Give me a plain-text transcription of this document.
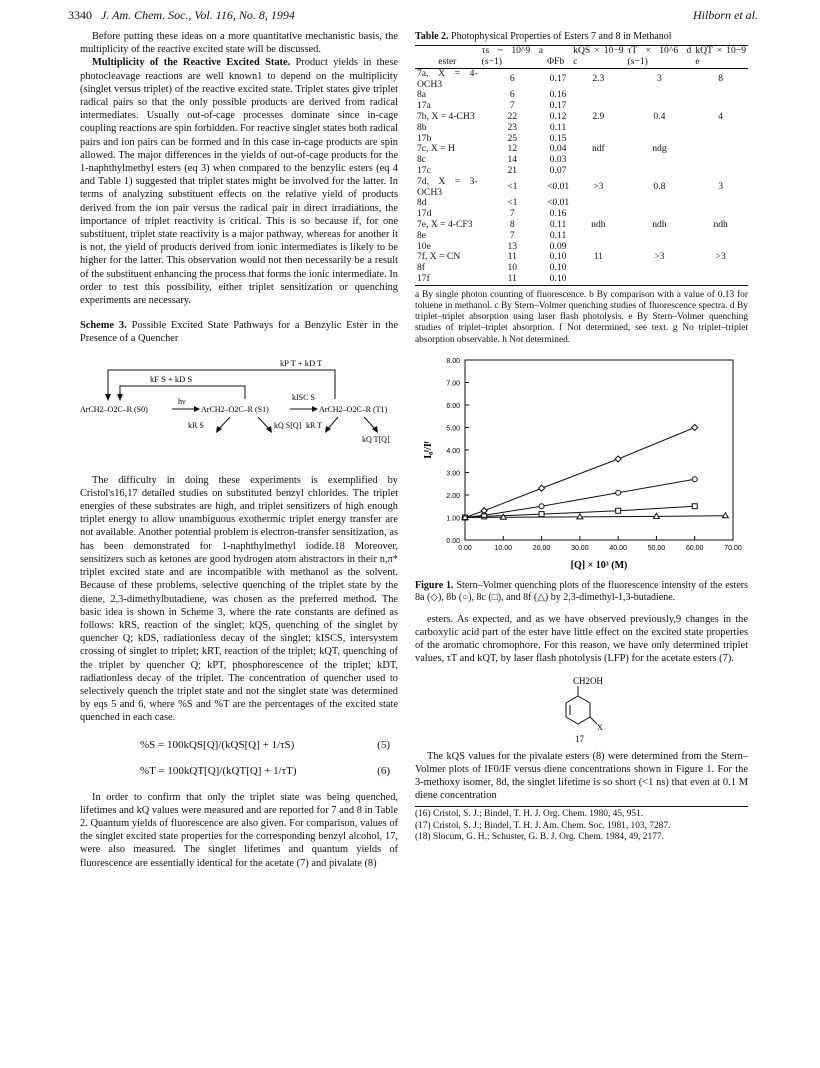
3340 J. Am. Chem. Soc., Vol. 116, No. 8, 1994	Hilborn et al.

Before putting these ideas on a more quantitative mechanistic basis, the multiplicity of the reactive excited state will be discussed.

Multiplicity of the Reactive Excited State. Product yields in these photocleavage reactions are well known1 to depend on the multiplicity (singlet versus triplet) of the reactive excited state. Triplet states give triplet radical pairs so that the only possible products are derived from radical intermediates. Usually out-of-cage processes dominate since in-cage coupling reactions are spin forbidden. For reactive singlet states both radical pairs and ion pairs can be formed and in this case in-cage products are spin allowed. The major differences in the yields of out-of-cage products for the 1-naphthylmethyl esters (eq 3) when compared to the benzylic esters (eq 4 and Table 1) suggested that triplet states might be involved for the latter. In terms of analyzing substituent effects on the relative yield of products derived from the ion pair versus the radical pair in direct irradiations, the importance of triplet reactivity is critical. This is so because if, for one substituent, triplet state reactivity is a major pathway, whereas for another it is not, the yield of products derived from ionic intermediates is likely to be higher for the latter. This observation would not then necessarily be a result of the substituent enhancing the process that forms the ionic intermediate. In order to test this possibility, either triplet sensitization or quenching experiments are necessary.

Scheme 3. Possible Excited State Pathways for a Benzylic Ester in the Presence of a Quencher

kP T + kD T
kF S + kD S
ArCH2–O2C–R (S0)
hν
ArCH2–O2C–R (S1)
kISC S
ArCH2–O2C–R (T1)
kR S	kQ S[Q] kR T
kQ T[Q]

The difficulty in doing these experiments is exemplified by Cristol's16,17 detailed studies on substituted benzyl chlorides. The triplet energies of these substrates are high, and triplet sensitizers of high enough triplet energy to allow unambiguous exothermic triplet energy transfer are not available. Another potential problem is electron-transfer sensitization, as has been demonstrated for 1-naphthylmethyl iodide.18 Moreover, sensitizers such as ketones are good hydrogen atom abstractors in their n,π* triplet excited state and are incompatible with methanol as the solvent. Because of these problems, selective quenching of the triplet state by the diene, 2,3-dimethylbutadiene, was chosen as the preferred method. The basic idea is shown in Scheme 3, where the rate constants are defined as follows: kRS, reaction of the singlet; kQS, quenching of the singlet by quencher Q; kDS, radiationless decay of the singlet; kISCS, intersystem crossing of singlet to triplet; kRT, reaction of the triplet; kQT, quenching of the triplet by quencher Q; kPT, phosphorescence of the triplet; kDT, radiationless decay of the triplet. The concentration of quencher used to selectively quench the triplet state and not the singlet state was determined by eqs 5 and 6, where %S and %T are the percentages of the excited state quenched in each case.

%S = 100kQS[Q]/(kQS[Q] + 1/τS)	(5)
%T = 100kQT[Q]/(kQT[Q] + 1/τT)	(6)

In order to confirm that only the triplet state was being quenched, lifetimes and kQ values were measured and are reported for 7 and 8 in Table 2. Quantum yields of fluorescence are also given. For comparison, values of the singlet excited state properties for the corresponding benzyl alcohol, 17, were also measured. The singlet lifetimes and quantum yields of fluorescence are essentially identical for the acetate (7) and pivalate (8)

Table 2. Photophysical Properties of Esters 7 and 8 in Methanol
ester	τs ~ 10^9 a (s−1)	ΦFb	kQS × 10−9 c	τT × 10^6 d (s−1)	kQT × 10−9 e
7a, X = 4-OCH3	6	0.17	2.3	3	8
8a	6	0.16			
17a	7	0.17			
7b, X = 4-CH3	22	0.12	2.9	0.4	4
8b	23	0.11			
17b	25	0.15			
7c, X = H	12	0.04	ndf	ndg	
8c	14	0.03			
17c	21	0.07			
7d, X = 3-OCH3	<1	<0.01	>3	0.8	3
8d	<1	<0.01			
17d	7	0.16			
7e, X = 4-CF3	8	0.11	ndh	ndh	ndh
8e	7	0.11			
10e	13	0.09			
7f, X = CN	11	0.10	11	>3	>3
8f	10	0.10			
17f	11	0.10			
a By single photon counting of fluorescence. b By comparison with a value of 0.13 for toluene in methanol. c By Stern–Volmer quenching studies of fluorescence spectra. d By triplet–triplet absorption using laser flash photolysis. e By Stern–Volmer quenching studies of triplet–triplet absorption. f Not determined, see text. g No triplet–triplet absorption observable. h Not determined.
0.00
1.00
2.00
3.00
4.00
5.00
6.00
7.00
8.00
0.00	10.00	20.00	30.00	40.00	50.00	60.00	70.00
[Q] × 10³ (M)
I₀ᶠ/Iᶠ
Figure 1. Stern–Volmer quenching plots of the fluorescence intensity of the esters 8a (◇), 8b (○), 8c (□), and 8f (△) by 2,3-dimethyl-1,3-butadiene.

esters. As expected, and as we have observed previously,9 changes in the carboxylic acid part of the ester have little effect on the excited state properties of the aromatic chromophore. For this reason, we have only determined triplet values, τT and kQT, by laser flash photolysis (LFP) for the acetate esters (7).

CH2OH
X
17

The kQS values for the pivalate esters (8) were determined from the Stern–Volmer plots of IF0/IF versus diene concentrations shown in Figure 1. For the 3-methoxy isomer, 8d, the singlet lifetime is so short (<1 ns) that even at 0.1 M diene concentration

(16) Cristol, S. J.; Bindel, T. H. J. Org. Chem. 1980, 45, 951.
(17) Cristol, S. J.; Bindel, T. H. J. Am. Chem. Soc. 1981, 103, 7287.
(18) Slocum, G. H.; Schuster, G. B. J. Org. Chem. 1984, 49, 2177.
